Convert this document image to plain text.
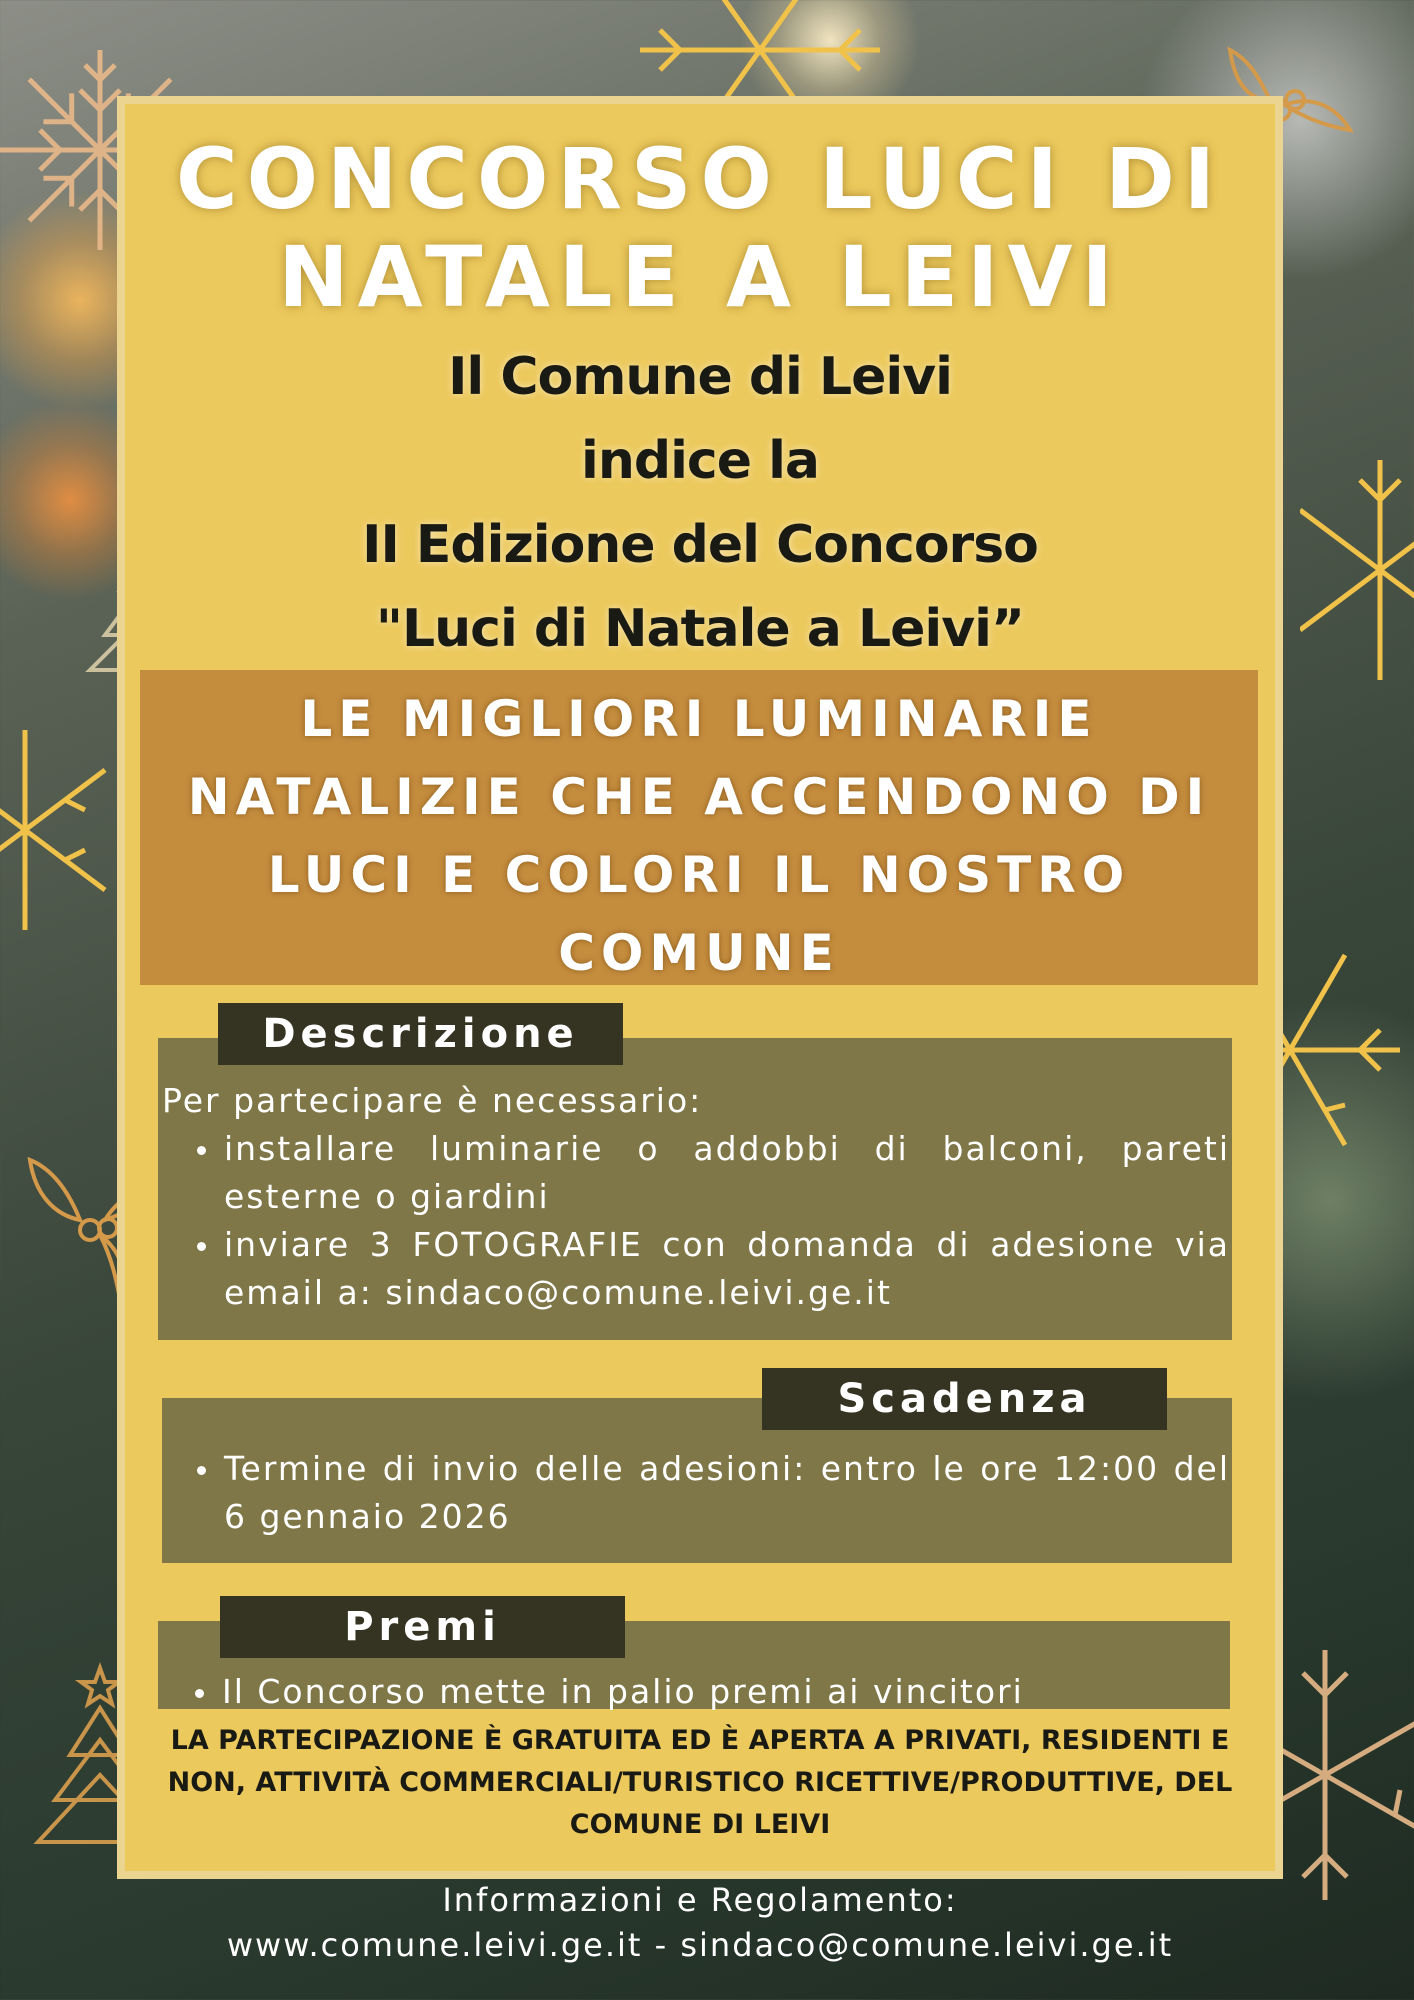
CONCORSO LUCI DI NATALE A LEIVI
Il Comune di Leivi
indice la
II Edizione del Concorso
"Luci di Natale a Leivi”
LE MIGLIORI LUMINARIE NATALIZIE CHE ACCENDONO DI LUCI E COLORI IL NOSTRO COMUNE
Descrizione
Per partecipare è necessario:
• installare luminarie o addobbi di balconi, pareti esterne o giardini
• inviare 3 FOTOGRAFIE con domanda di adesione via email a: sindaco@comune.leivi.ge.it
Scadenza
• Termine di invio delle adesioni: entro le ore 12:00 del 6 gennaio 2026
Premi
• Il Concorso mette in palio premi ai vincitori
LA PARTECIPAZIONE È GRATUITA ED È APERTA A PRIVATI, RESIDENTI E NON, ATTIVITÀ COMMERCIALI/TURISTICO RICETTIVE/PRODUTTIVE, DEL COMUNE DI LEIVI
Informazioni e Regolamento:
www.comune.leivi.ge.it - sindaco@comune.leivi.ge.it
